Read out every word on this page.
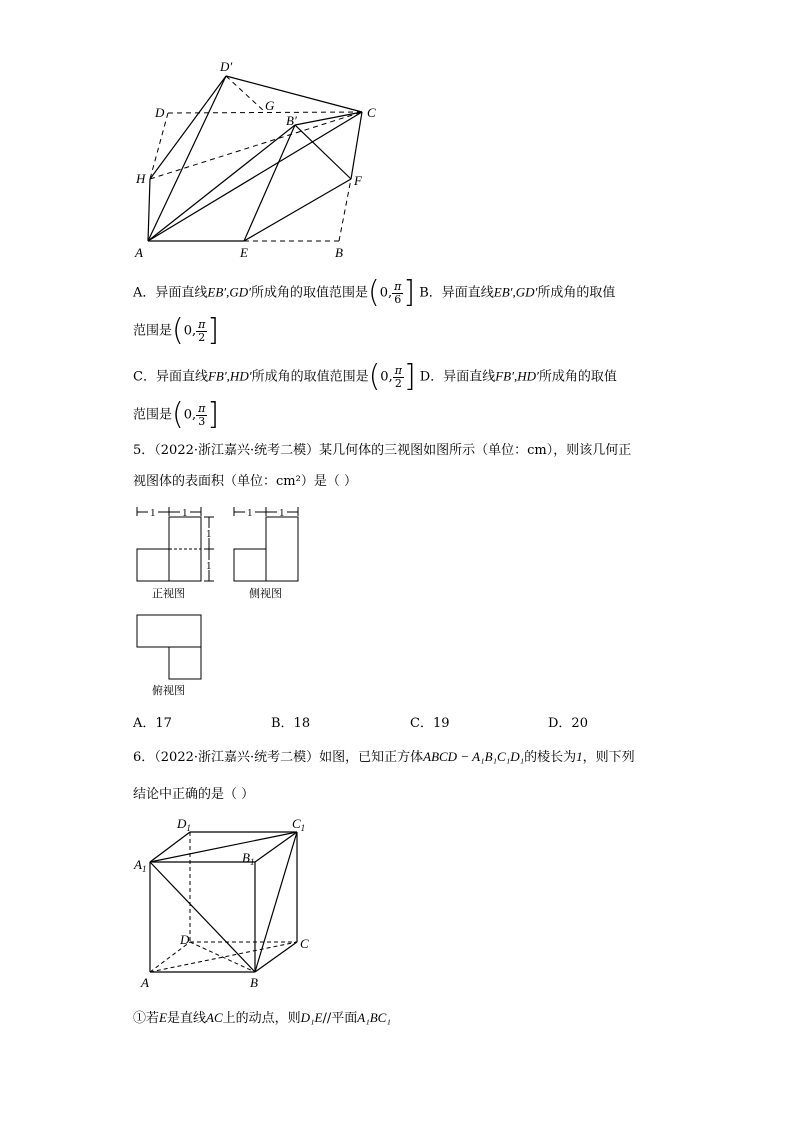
D′
D	G
B′
C
H	F
A	E	B
A．异面直线EB′,GD′所成角的取值范围是(0, $\frac{\pi}{6}$ ] B．异面直线EB′,GD′所成角的取值
范围是(0, $\frac{\pi}{2}$ ]
C．异面直线FB′,HD′所成角的取值范围是(0, $\frac{\pi}{2}$ ] D．异面直线FB′,HD′所成角的取值
范围是(0, $\frac{\pi}{3}$ ]
5．（2022·浙江嘉兴·统考二模）某几何体的三视图如图所示（单位：cm），则该几何正
视图体的表面积（单位：cm²）是（ ）
1 1
1
1
1 1
正视图	侧视图
俯视图
A．17	B．18	C．19	D．20
6．（2022·浙江嘉兴·统考二模）如图，已知正方体ABCD − A₁B₁C₁D₁的棱长为1，则下列
结论中正确的是（ ）
$D_1$	$C_1$
$A_1$
$B_1$
D	C
A	B
①若E是直线AC上的动点，则D₁E//平面A₁BC₁
